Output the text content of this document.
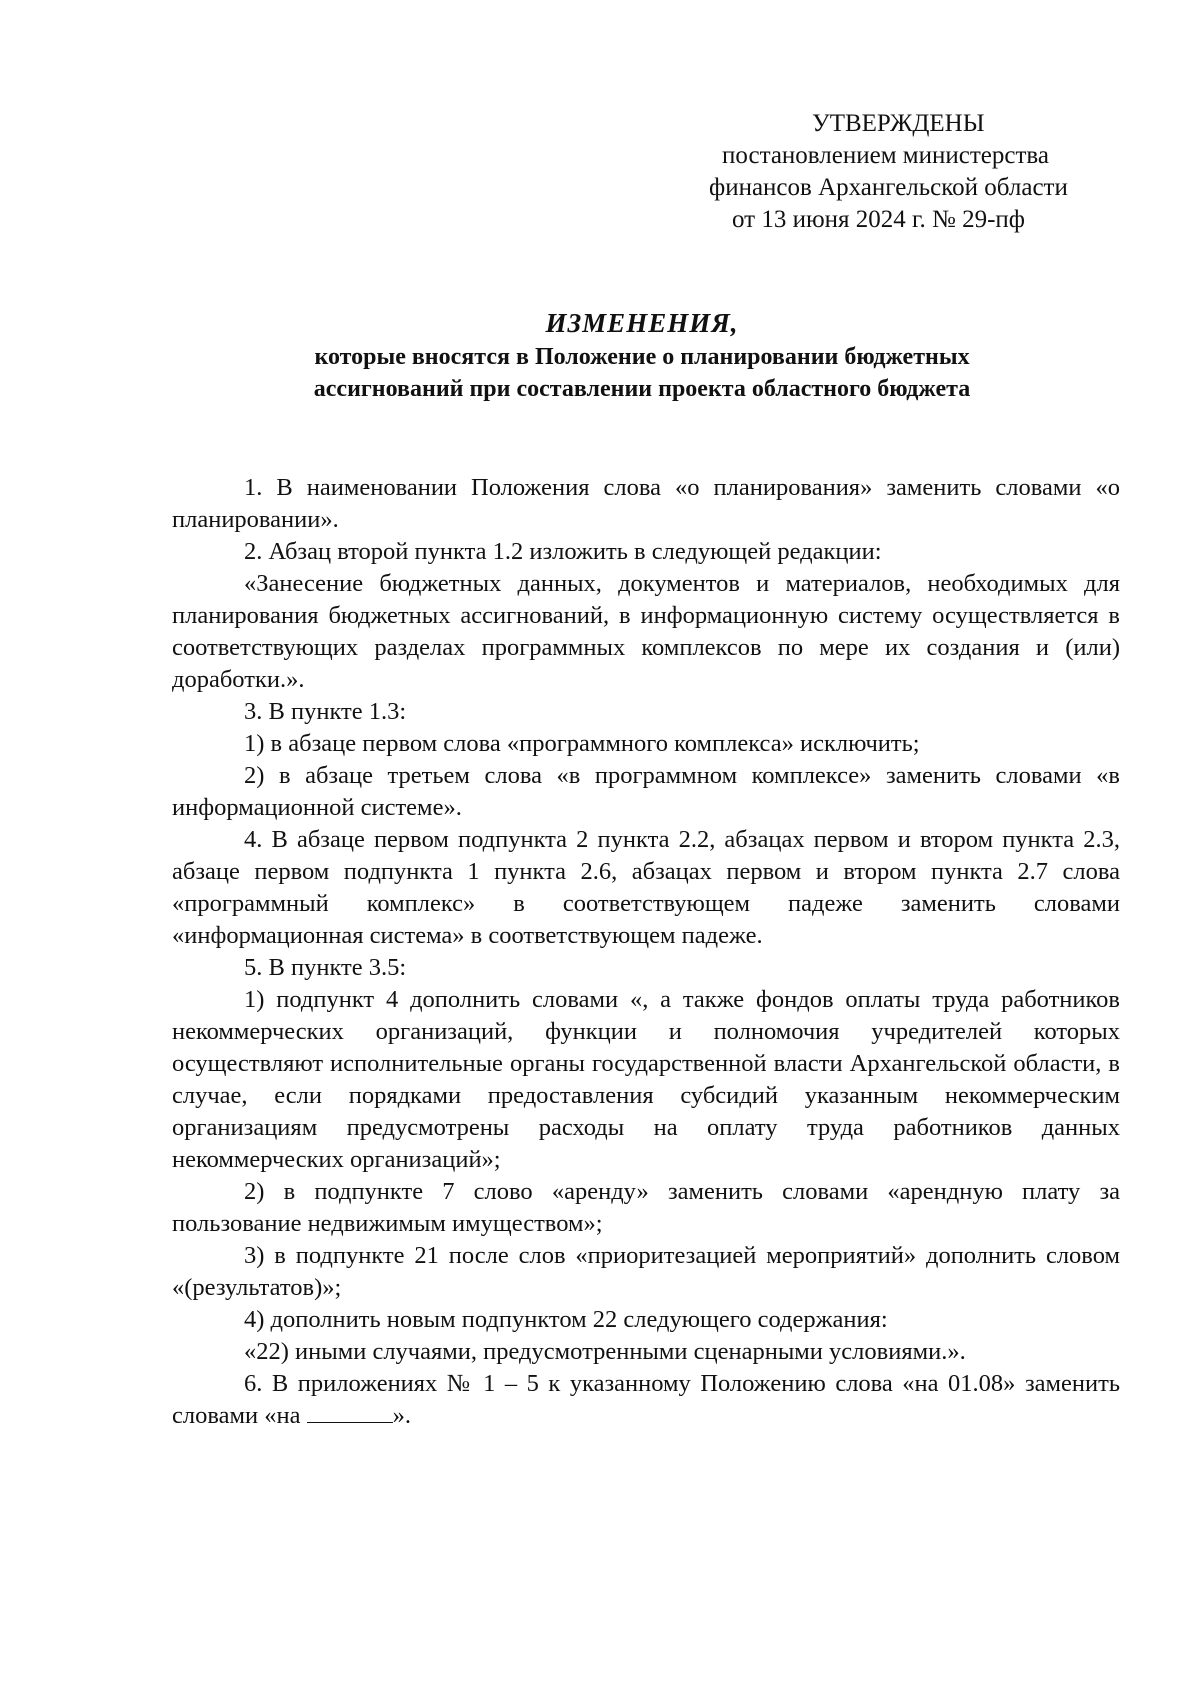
УТВЕРЖДЕНЫ
постановлением министерства
финансов Архангельской области
от 13 июня 2024 г. № 29-пф
ИЗМЕНЕНИЯ,
которые вносятся в Положение о планировании бюджетных
ассигнований при составлении проекта областного бюджета

1. В наименовании Положения слова «о планирования» заменить словами «о планировании».

2. Абзац второй пункта 1.2 изложить в следующей редакции:

«Занесение бюджетных данных, документов и материалов, необходимых для планирования бюджетных ассигнований, в информационную систему осуществляется в соответствующих разделах программных комплексов по мере их создания и (или) доработки.».

3. В пункте 1.3:

1) в абзаце первом слова «программного комплекса» исключить;

2) в абзаце третьем слова «в программном комплексе» заменить словами «в информационной системе».

4. В абзаце первом подпункта 2 пункта 2.2, абзацах первом и втором пункта 2.3, абзаце первом подпункта 1 пункта 2.6, абзацах первом и втором пункта 2.7 слова «программный комплекс» в соответствующем падеже заменить словами «информационная система» в соответствующем падеже.

5. В пункте 3.5:

1) подпункт 4 дополнить словами «, а также фондов оплаты труда работников некоммерческих организаций, функции и полномочия учредителей которых осуществляют исполнительные органы государственной власти Архангельской области, в случае, если порядками предоставления субсидий указанным некоммерческим организациям предусмотрены расходы на оплату труда работников данных некоммерческих организаций»;

2) в подпункте 7 слово «аренду» заменить словами «арендную плату за пользование недвижимым имуществом»;

3) в подпункте 21 после слов «приоритезацией мероприятий» дополнить словом «(результатов)»;

4) дополнить новым подпунктом 22 следующего содержания:

«22) иными случаями, предусмотренными сценарными условиями.».

6. В приложениях № 1 – 5 к указанному Положению слова «на 01.08» заменить словами «на	».
